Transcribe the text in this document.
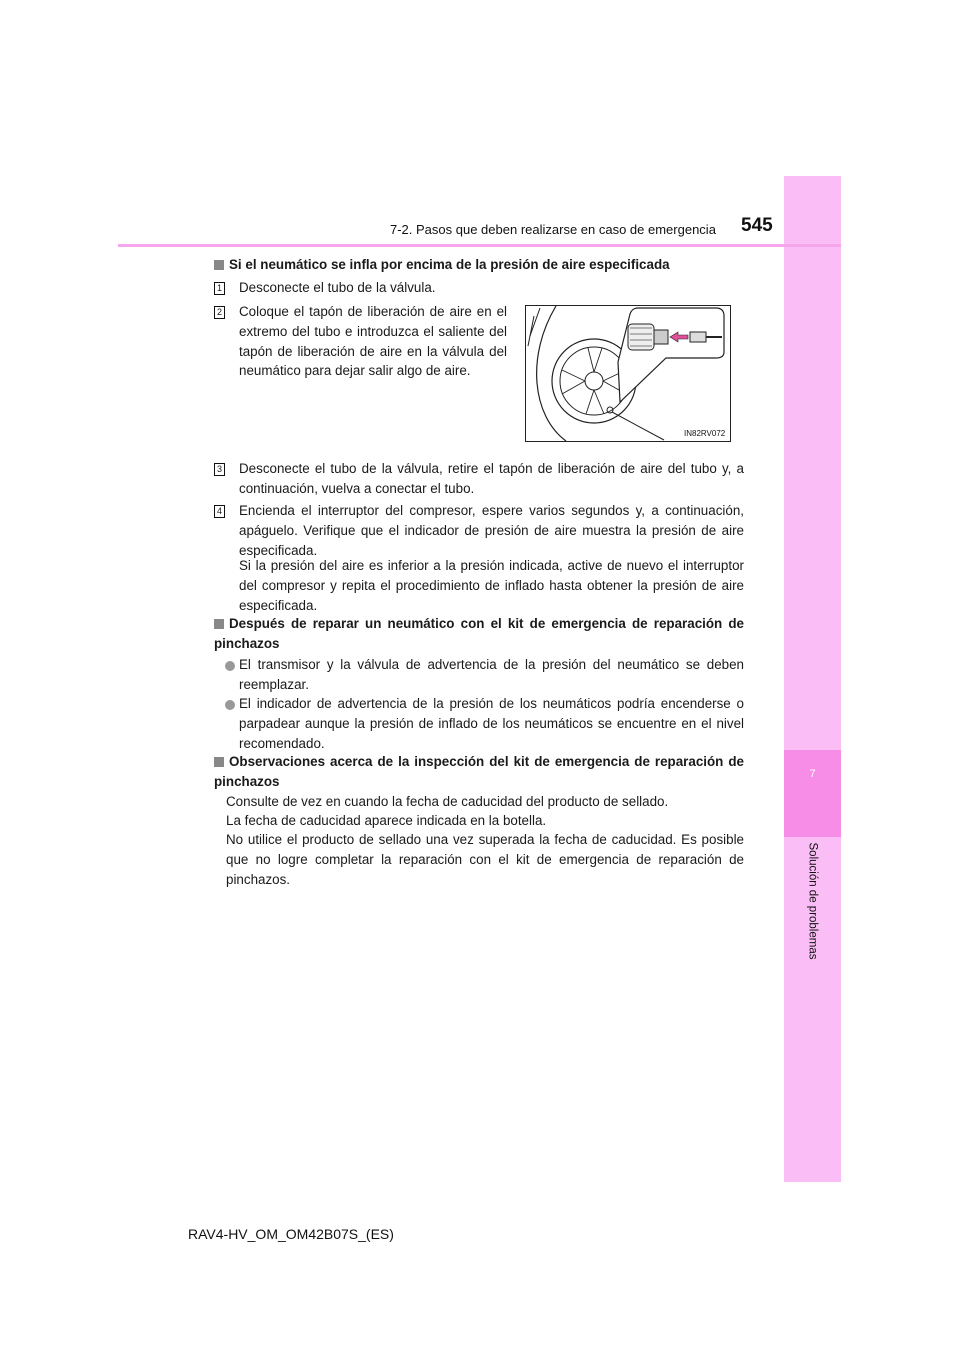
7
Solución de problemas
7-2. Pasos que deben realizarse en caso de emergencia 545

Si el neumático se infla por encima de la presión de aire especificada

1 Desconecte el tubo de la válvula.

2 Coloque el tapón de liberación de aire en el extremo del tubo e introduzca el saliente del tapón de liberación de aire en la válvula del neumático para dejar salir algo de aire.

IN82RV072
3 Desconecte el tubo de la válvula, retire el tapón de liberación de aire del tubo y, a continuación, vuelva a conectar el tubo.

4 Encienda el interruptor del compresor, espere varios segundos y, a continuación, apáguelo. Verifique que el indicador de presión de aire muestra la presión de aire especificada.

Si la presión del aire es inferior a la presión indicada, active de nuevo el interruptor del compresor y repita el procedimiento de inflado hasta obtener la presión de aire especificada.

Después de reparar un neumático con el kit de emergencia de reparación de pinchazos

El transmisor y la válvula de advertencia de la presión del neumático se deben reemplazar.

El indicador de advertencia de la presión de los neumáticos podría encenderse o parpadear aunque la presión de inflado de los neumáticos se encuentre en el nivel recomendado.

Observaciones acerca de la inspección del kit de emergencia de reparación de pinchazos

Consulte de vez en cuando la fecha de caducidad del producto de sellado.

La fecha de caducidad aparece indicada en la botella.

No utilice el producto de sellado una vez superada la fecha de caducidad. Es posible que no logre completar la reparación con el kit de emergencia de reparación de pinchazos.

RAV4-HV_OM_OM42B07S_(ES)
